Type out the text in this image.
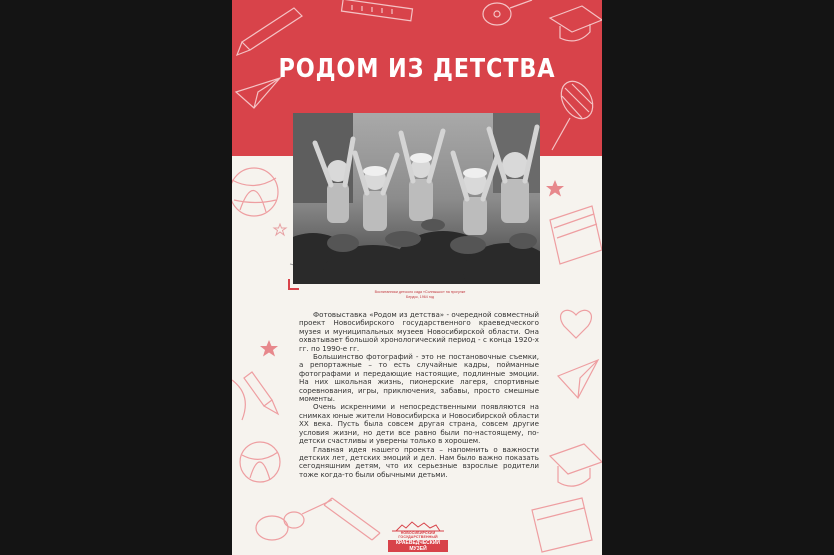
РОДОМ ИЗ ДЕТСТВА
Воспитанники детского сада «Солнышко» на прогулке
Бердск, 1964 год

Фотовыставка «Родом из детства» - очередной совместный проект Новосибирского государственного краеведческого музея и муниципальных музеев Новосибирской области. Она охватывает большой хронологический период - с конца 1920-х гг. по 1990-е гг.

Большинство фотографий - это не постановочные съемки, а репортажные – то есть случайные кадры, пойманные фотографами и передающие настоящие, подлинные эмоции. На них школьная жизнь, пионерские лагеря, спортивные соревнования, игры, приключения, забавы, просто смешные моменты.

Очень искренними и непосредственными появляются на снимках юные жители Новосибирска и Новосибирской области XX века. Пусть была совсем другая страна, совсем другие условия жизни, но дети все равно были по-настоящему, по-детски счастливы и уверены только в хорошем.

Главная идея нашего проекта – напомнить о важности детских лет, детских эмоций и дел. Нам было важно показать сегодняшним детям, что их серьезные взрослые родители тоже когда-то были обычными детьми.

НОВОСИБИРСКИЙ ГОСУДАРСТВЕННЫЙ
КРАЕВЕДЧЕСКИЙ МУЗЕЙ
